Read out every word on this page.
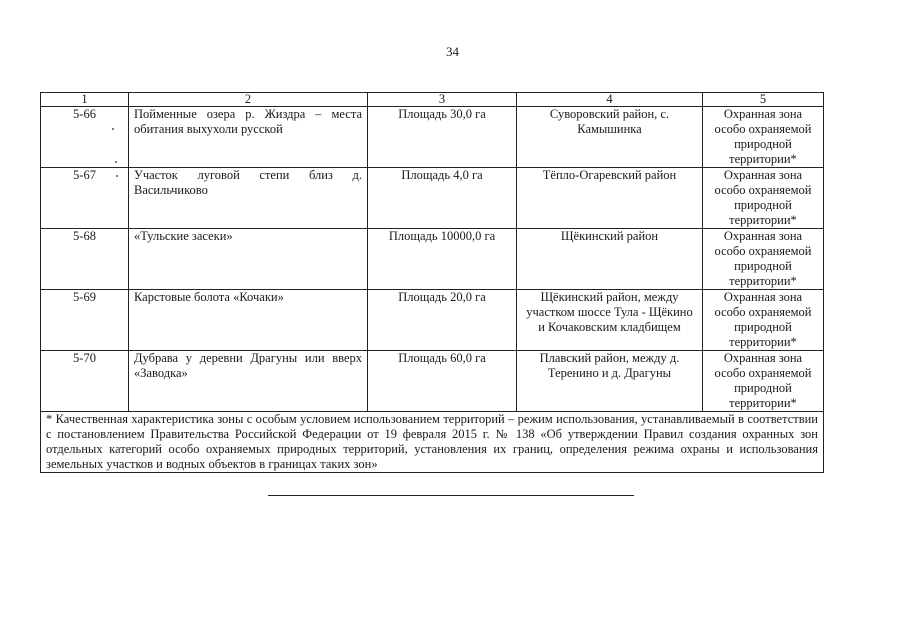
34
1	2	3	4	5
5-66	Пойменные озера р. Жиздра – места обитания выхухоли русской	Площадь 30,0 га	Суворовский район, с. Камышинка	Охранная зона особо охраняемой природной территории*
5-67	Участок луговой степи близ д. Васильчиково	Площадь 4,0 га	Тёпло-Огаревский район	Охранная зона особо охраняемой природной территории*
5-68	«Тульские засеки»	Площадь 10000,0 га	Щёкинский район	Охранная зона особо охраняемой природной территории*
5-69	Карстовые болота «Кочаки»	Площадь 20,0 га	Щёкинский район, между участком шоссе Тула - Щёкино и Кочаковским кладбищем	Охранная зона особо охраняемой природной территории*
5-70	Дубрава у деревни Драгуны или вверх «Заводка»	Площадь 60,0 га	Плавский район, между д. Теренино и д. Драгуны	Охранная зона особо охраняемой природной территории*
* Качественная характеристика зоны с особым условием использованием территорий – режим использования, устанавливаемый в соответствии с постановлением Правительства Российской Федерации от 19 февраля 2015 г. № 138 «Об утверждении Правил создания охранных зон отдельных категорий особо охраняемых природных территорий, установления их границ, определения режима охраны и использования земельных участков и водных объектов в границах таких зон»				
